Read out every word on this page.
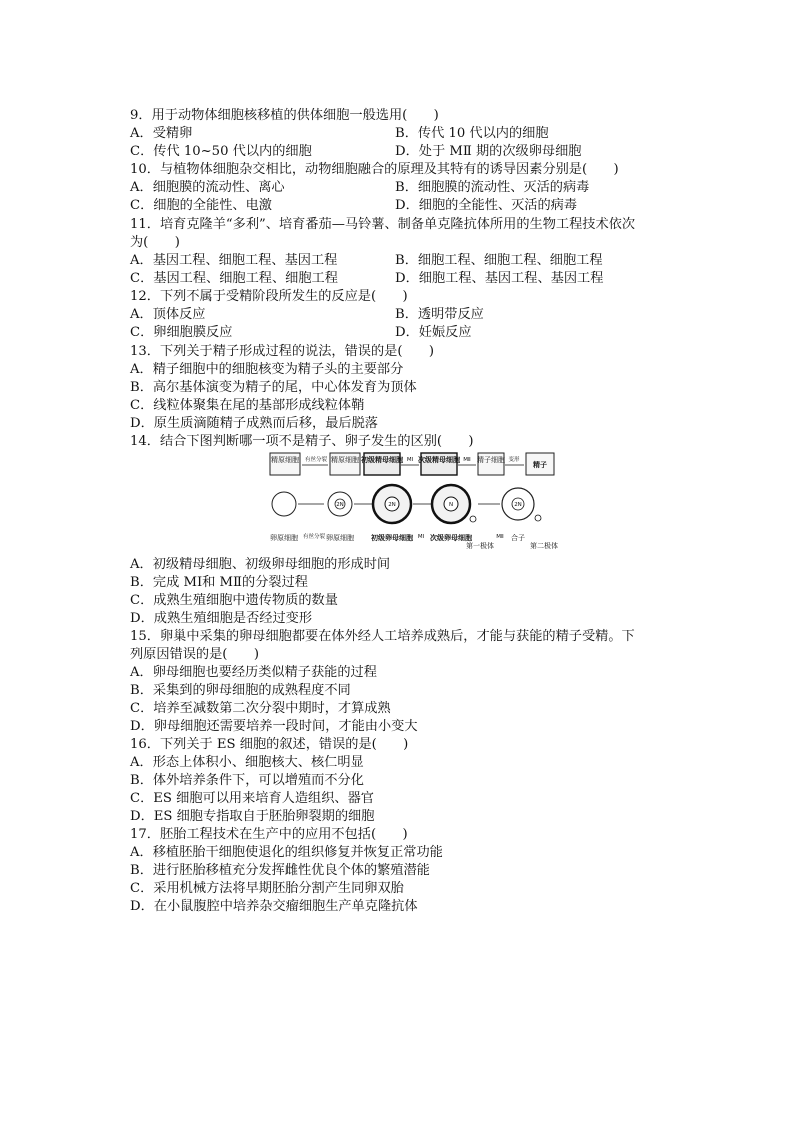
9．用于动物体细胞核移植的供体细胞一般选用(　　)
A．受精卵	B．传代 10 代以内的细胞
C．传代 10~50 代以内的细胞	D．处于 MⅡ 期的次级卵母细胞
10．与植物体细胞杂交相比，动物细胞融合的原理及其特有的诱导因素分别是(　　)
A．细胞膜的流动性、离心	B．细胞膜的流动性、灭活的病毒
C．细胞的全能性、电激	D．细胞的全能性、灭活的病毒
11．培育克隆羊“多利”、培育番茄—马铃薯、制备单克隆抗体所用的生物工程技术依次
为(　　)
A．基因工程、细胞工程、基因工程	B．细胞工程、细胞工程、细胞工程
C．基因工程、细胞工程、细胞工程	D．细胞工程、基因工程、基因工程
12．下列不属于受精阶段所发生的反应是(　　)
A．顶体反应	B．透明带反应
C．卵细胞膜反应	D．妊娠反应
13．下列关于精子形成过程的说法，错误的是(　　)
A．精子细胞中的细胞核变为精子头的主要部分
B．高尔基体演变为精子的尾，中心体发育为顶体
C．线粒体聚集在尾的基部形成线粒体鞘
D．原生质滴随精子成熟而后移，最后脱落
14．结合下图判断哪一项不是精子、卵子发生的区别(　　)
精原细胞 有丝分裂 精原细胞 初级精母细胞 MⅠ 次级精母细胞 MⅡ 精子细胞 变形
精子
2N	2N	N	2N
卵原细胞 有丝分裂 卵原细胞 初级卵母细胞 MⅠ 次级卵母细胞
第一极体
MⅡ 合子
第二极体
A．初级精母细胞、初级卵母细胞的形成时间
B．完成 MⅠ和 MⅡ的分裂过程
C．成熟生殖细胞中遗传物质的数量
D．成熟生殖细胞是否经过变形
15．卵巢中采集的卵母细胞都要在体外经人工培养成熟后，才能与获能的精子受精。下
列原因错误的是(　　)
A．卵母细胞也要经历类似精子获能的过程
B．采集到的卵母细胞的成熟程度不同
C．培养至减数第二次分裂中期时，才算成熟
D．卵母细胞还需要培养一段时间，才能由小变大
16．下列关于 ES 细胞的叙述，错误的是(　　)
A．形态上体积小、细胞核大、核仁明显
B．体外培养条件下，可以增殖而不分化
C．ES 细胞可以用来培育人造组织、器官
D．ES 细胞专指取自于胚胎卵裂期的细胞
17．胚胎工程技术在生产中的应用不包括(　　)
A．移植胚胎干细胞使退化的组织修复并恢复正常功能
B．进行胚胎移植充分发挥雌性优良个体的繁殖潜能
C．采用机械方法将早期胚胎分割产生同卵双胎
D．在小鼠腹腔中培养杂交瘤细胞生产单克隆抗体
